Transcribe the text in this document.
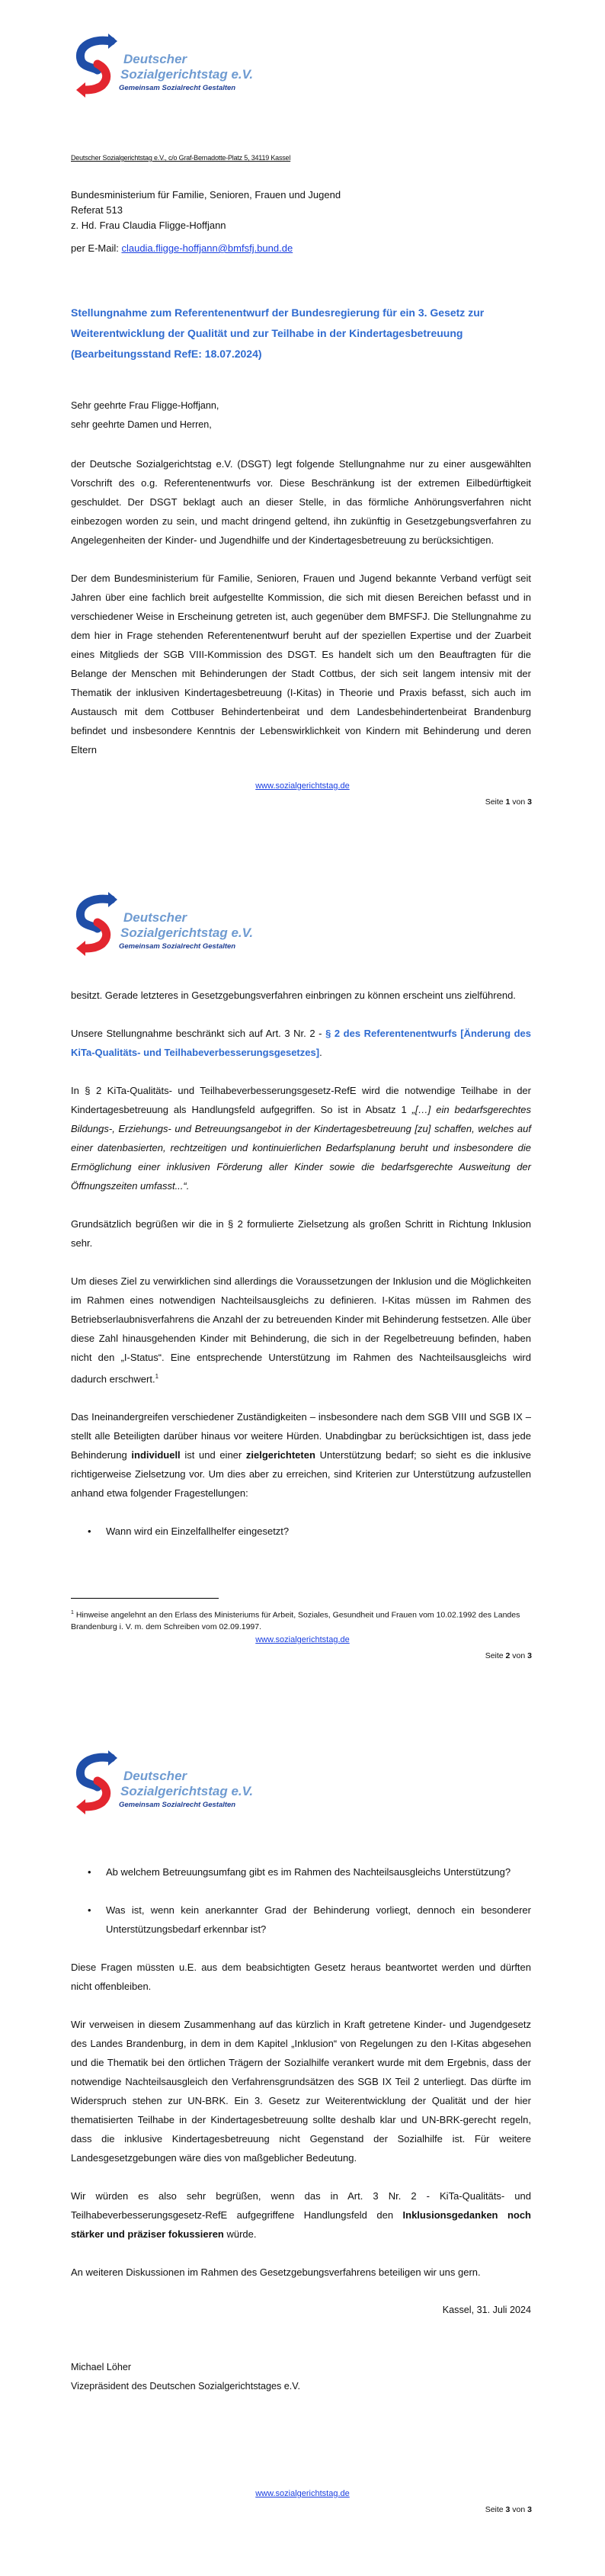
Deutscher
Sozialgerichtstag e.V.
Gemeinsam Sozialrecht Gestalten
Deutscher Sozialgerichtstag e.V., c/o Graf-Bernadotte-Platz 5, 34119 Kassel
Bundesministerium für Familie, Senioren, Frauen und Jugend
Referat 513
z. Hd. Frau Claudia Fligge-Hoffjann
per E-Mail: claudia.fligge-hoffjann@bmfsfj.bund.de
Stellungnahme zum Referentenentwurf der Bundesregierung für ein 3. Gesetz zur Weiterentwicklung der Qualität und zur Teilhabe in der Kindertagesbetreuung (Bearbeitungsstand RefE: 18.07.2024)
Sehr geehrte Frau Fligge-Hoffjann,
sehr geehrte Damen und Herren,

der Deutsche Sozialgerichtstag e.V. (DSGT) legt folgende Stellungnahme nur zu einer ausgewählten Vorschrift des o.g. Referentenentwurfs vor. Diese Beschränkung ist der extremen Eilbedürftigkeit geschuldet. Der DSGT beklagt auch an dieser Stelle, in das förmliche Anhörungsverfahren nicht einbezogen worden zu sein, und macht dringend geltend, ihn zukünftig in Gesetzgebungsverfahren zu Angelegenheiten der Kinder- und Jugendhilfe und der Kindertagesbetreuung zu berücksichtigen.

Der dem Bundesministerium für Familie, Senioren, Frauen und Jugend bekannte Verband verfügt seit Jahren über eine fachlich breit aufgestellte Kommission, die sich mit diesen Bereichen befasst und in verschiedener Weise in Erscheinung getreten ist, auch gegenüber dem BMFSFJ. Die Stellungnahme zu dem hier in Frage stehenden Referentenentwurf beruht auf der speziellen Expertise und der Zuarbeit eines Mitglieds der SGB VIII-Kommission des DSGT. Es handelt sich um den Beauftragten für die Belange der Menschen mit Behinderungen der Stadt Cottbus, der sich seit langem intensiv mit der Thematik der inklusiven Kindertagesbetreuung (I-Kitas) in Theorie und Praxis befasst, sich auch im Austausch mit dem Cottbuser Behindertenbeirat und dem Landesbehindertenbeirat Brandenburg befindet und insbesondere Kenntnis der Lebenswirklichkeit von Kindern mit Behinderung und deren Eltern

www.sozialgerichtstag.de
Seite 1 von 3
Deutscher
Sozialgerichtstag e.V.
Gemeinsam Sozialrecht Gestalten

besitzt. Gerade letzteres in Gesetzgebungsverfahren einbringen zu können erscheint uns zielführend.

Unsere Stellungnahme beschränkt sich auf Art. 3 Nr. 2 - § 2 des Referentenentwurfs [Änderung des KiTa-Qualitäts- und Teilhabeverbesserungsgesetzes].

In § 2 KiTa-Qualitäts- und Teilhabeverbesserungsgesetz-RefE wird die notwendige Teilhabe in der Kindertagesbetreuung als Handlungsfeld aufgegriffen. So ist in Absatz 1 „[…] ein bedarfsgerechtes Bildungs-, Erziehungs- und Betreuungsangebot in der Kindertagesbetreuung [zu] schaffen, welches auf einer datenbasierten, rechtzeitigen und kontinuierlichen Bedarfsplanung beruht und insbesondere die Ermöglichung einer inklusiven Förderung aller Kinder sowie die bedarfsgerechte Ausweitung der Öffnungszeiten umfasst...“.

Grundsätzlich begrüßen wir die in § 2 formulierte Zielsetzung als großen Schritt in Richtung Inklusion sehr.

Um dieses Ziel zu verwirklichen sind allerdings die Voraussetzungen der Inklusion und die Möglichkeiten im Rahmen eines notwendigen Nachteilsausgleichs zu definieren. I-Kitas müssen im Rahmen des Betriebserlaubnisverfahrens die Anzahl der zu betreuenden Kinder mit Behinderung festsetzen. Alle über diese Zahl hinausgehenden Kinder mit Behinderung, die sich in der Regelbetreuung befinden, haben nicht den „I-Status“. Eine entsprechende Unterstützung im Rahmen des Nachteilsausgleichs wird dadurch erschwert.$^1$

Das Ineinandergreifen verschiedener Zuständigkeiten – insbesondere nach dem SGB VIII und SGB IX – stellt alle Beteiligten darüber hinaus vor weitere Hürden. Unabdingbar zu berücksichtigen ist, dass jede Behinderung individuell ist und einer zielgerichteten Unterstützung bedarf; so sieht es die inklusive richtigerweise Zielsetzung vor. Um dies aber zu erreichen, sind Kriterien zur Unterstützung aufzustellen anhand etwa folgender Fragestellungen:

• Wann wird ein Einzelfallhelfer eingesetzt?
$^1$ Hinweise angelehnt an den Erlass des Ministeriums für Arbeit, Soziales, Gesundheit und Frauen vom 10.02.1992 des Landes Brandenburg i. V. m. dem Schreiben vom 02.09.1997.
www.sozialgerichtstag.de
Seite 2 von 3
Deutscher
Sozialgerichtstag e.V.
Gemeinsam Sozialrecht Gestalten
• Ab welchem Betreuungsumfang gibt es im Rahmen des Nachteilsausgleichs Unterstützung?
• Was ist, wenn kein anerkannter Grad der Behinderung vorliegt, dennoch ein besonderer Unterstützungsbedarf erkennbar ist?

Diese Fragen müssten u.E. aus dem beabsichtigten Gesetz heraus beantwortet werden und dürften nicht offenbleiben.

Wir verweisen in diesem Zusammenhang auf das kürzlich in Kraft getretene Kinder- und Jugendgesetz des Landes Brandenburg, in dem in dem Kapitel „Inklusion“ von Regelungen zu den I-Kitas abgesehen und die Thematik bei den örtlichen Trägern der Sozialhilfe verankert wurde mit dem Ergebnis, dass der notwendige Nachteilsausgleich den Verfahrensgrundsätzen des SGB IX Teil 2 unterliegt. Das dürfte im Widerspruch stehen zur UN-BRK. Ein 3. Gesetz zur Weiterentwicklung der Qualität und der hier thematisierten Teilhabe in der Kindertagesbetreuung sollte deshalb klar und UN-BRK-gerecht regeln, dass die inklusive Kindertagesbetreuung nicht Gegenstand der Sozialhilfe ist. Für weitere Landesgesetzgebungen wäre dies von maßgeblicher Bedeutung.

Wir würden es also sehr begrüßen, wenn das in Art. 3 Nr. 2 - KiTa-Qualitäts- und Teilhabeverbesserungsgesetz-RefE aufgegriffene Handlungsfeld den Inklusionsgedanken noch stärker und präziser fokussieren würde.

An weiteren Diskussionen im Rahmen des Gesetzgebungsverfahrens beteiligen wir uns gern.

Kassel, 31. Juli 2024
Michael Löher
Vizepräsident des Deutschen Sozialgerichtstages e.V.
www.sozialgerichtstag.de
Seite 3 von 3
